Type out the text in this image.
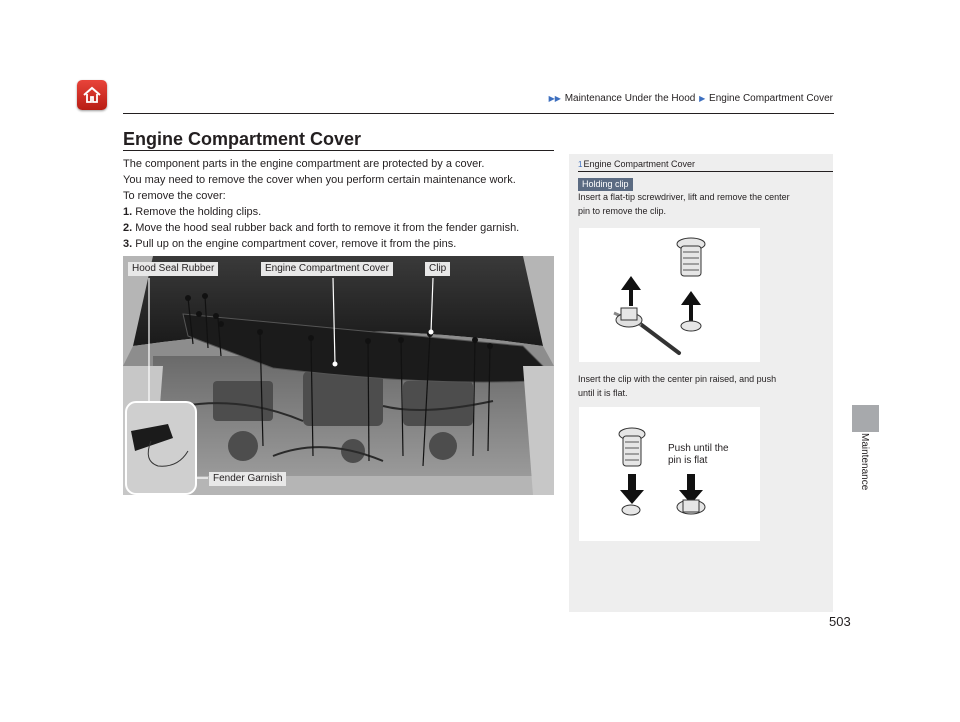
▶▶ Maintenance Under the Hood ▶ Engine Compartment Cover
Engine Compartment Cover

The component parts in the engine compartment are protected by a cover.

You may need to remove the cover when you perform certain maintenance work.

To remove the cover:

1. Remove the holding clips.

2. Move the hood seal rubber back and forth to remove it from the fender garnish.

3. Pull up on the engine compartment cover, remove it from the pins.

Hood Seal Rubber	Engine Compartment Cover	Clip
Fender Garnish
1Engine Compartment Cover
Holding clip
Insert a flat-tip screwdriver, lift and remove the center
pin to remove the clip.
Insert the clip with the center pin raised, and push
until it is flat.
Push until the
pin is flat	Maintenance
503
